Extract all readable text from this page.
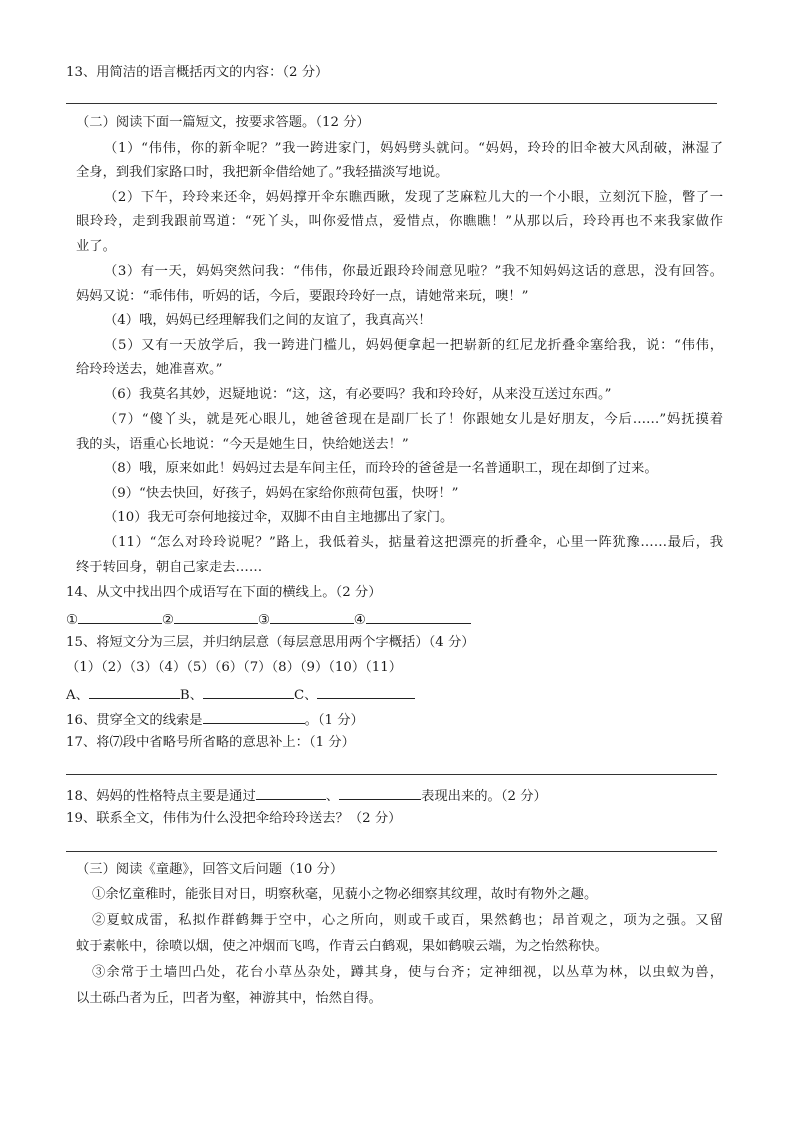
13、用简洁的语言概括丙文的内容：（2 分）
（二）阅读下面一篇短文，按要求答题。（12 分）
（1）“伟伟，你的新伞呢？”我一跨进家门，妈妈劈头就问。“妈妈，玲玲的旧伞被大风刮破，淋湿了
全身，到我们家路口时，我把新伞借给她了。”我轻描淡写地说。
（2）下午，玲玲来还伞，妈妈撑开伞东瞧西瞅，发现了芝麻粒儿大的一个小眼，立刻沉下脸，瞥了一
眼玲玲，走到我跟前骂道：“死丫头，叫你爱惜点，爱惜点，你瞧瞧！”从那以后，玲玲再也不来我家做作
业了。
（3）有一天，妈妈突然问我：“伟伟，你最近跟玲玲闹意见啦？”我不知妈妈这话的意思，没有回答。
妈妈又说：“乖伟伟，听妈的话，今后，要跟玲玲好一点，请她常来玩，噢！”
（4）哦，妈妈已经理解我们之间的友谊了，我真高兴！
（5）又有一天放学后，我一跨进门槛儿，妈妈便拿起一把崭新的红尼龙折叠伞塞给我，说：“伟伟，
给玲玲送去，她准喜欢。”
（6）我莫名其妙，迟疑地说：“这，这，有必要吗？我和玲玲好，从来没互送过东西。”
（7）“傻丫头，就是死心眼儿，她爸爸现在是副厂长了！你跟她女儿是好朋友，今后……”妈抚摸着
我的头，语重心长地说：“今天是她生日，快给她送去！”
（8）哦，原来如此！妈妈过去是车间主任，而玲玲的爸爸是一名普通职工，现在却倒了过来。
（9）“快去快回，好孩子，妈妈在家给你煎荷包蛋，快呀！”
（10）我无可奈何地接过伞，双脚不由自主地挪出了家门。
（11）“怎么对玲玲说呢？”路上，我低着头，掂量着这把漂亮的折叠伞，心里一阵犹豫……最后，我
终于转回身，朝自己家走去……
14、从文中找出四个成语写在下面的横线上。（2 分）
①	②	③	④
15、将短文分为三层，并归纳层意（每层意思用两个字概括）（4 分）
（1）（2）（3）（4）（5）（6）（7）（8）（9）（10）（11）
A、	B、	C、
16、贯穿全文的线索是	。（1 分）
17、将⑺段中省略号所省略的意思补上：（1 分）
18、妈妈的性格特点主要是通过	、	表现出来的。（2 分）
19、联系全文，伟伟为什么没把伞给玲玲送去？（2 分）
（三）阅读《童趣》，回答文后问题（10 分）
①余忆童稚时，能张目对日，明察秋毫，见藐小之物必细察其纹理，故时有物外之趣。
②夏蚊成雷，私拟作群鹤舞于空中，心之所向，则或千或百，果然鹤也；昂首观之，项为之强。又留
蚊于素帐中，徐喷以烟，使之冲烟而飞鸣，作青云白鹤观，果如鹤唳云端，为之怡然称快。
③余常于土墙凹凸处，花台小草丛杂处，蹲其身，使与台齐；定神细视，以丛草为林，以虫蚁为兽，
以土砾凸者为丘，凹者为壑，神游其中，怡然自得。
